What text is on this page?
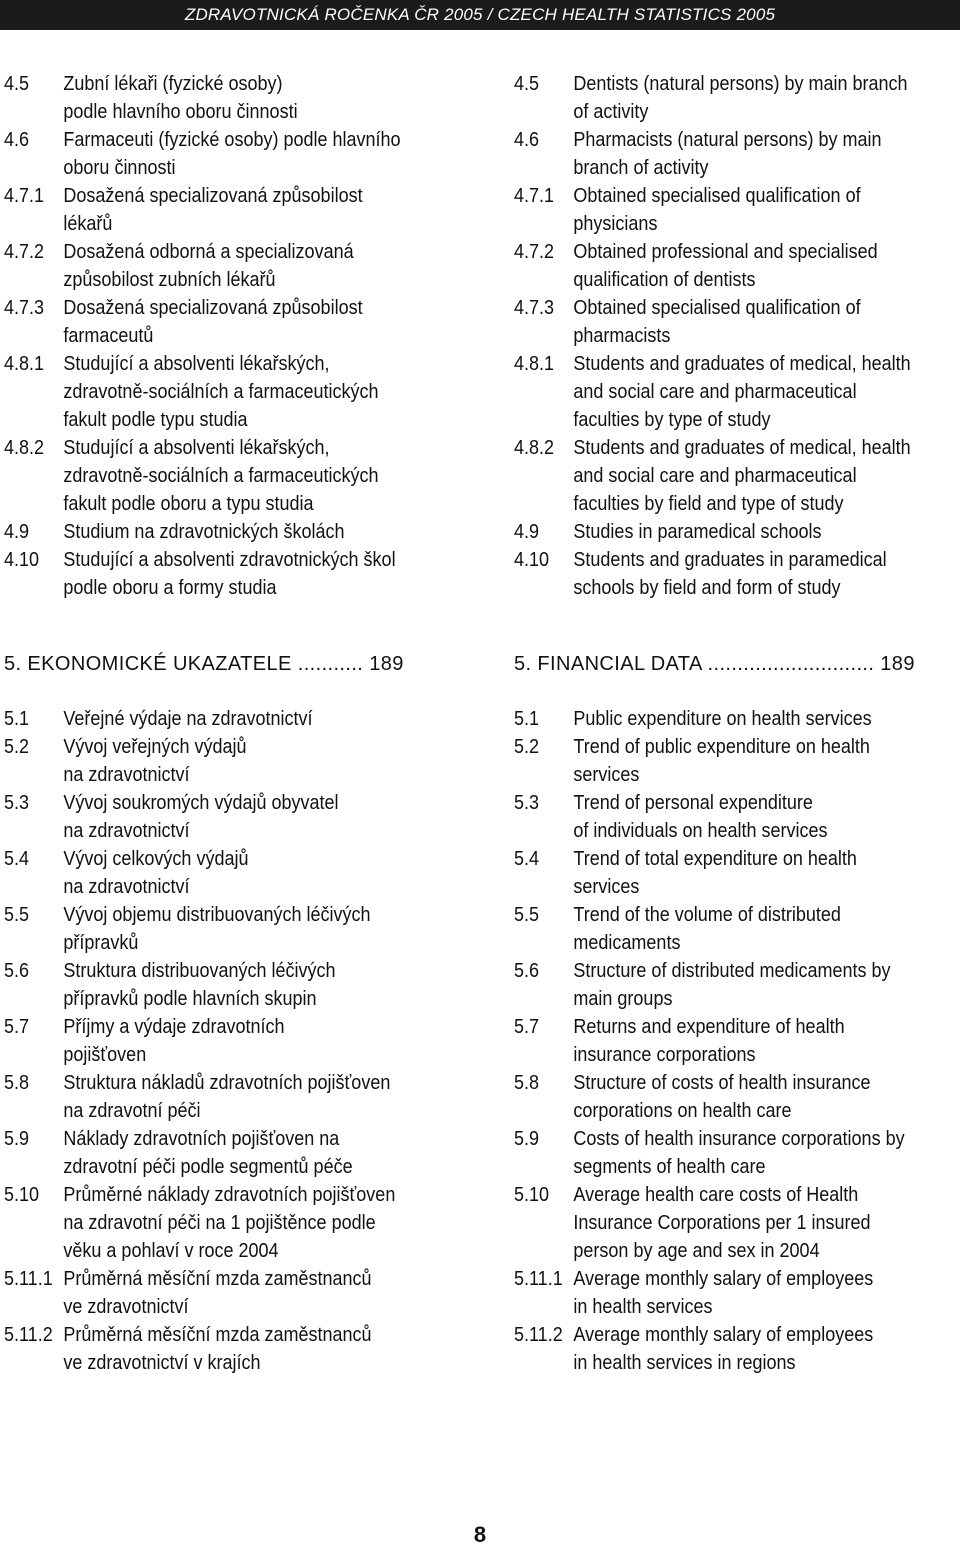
ZDRAVOTNICKÁ ROČENKA ČR 2005 / CZECH HEALTH STATISTICS 2005
4.5	Zubní lékaři (fyzické osoby)
podle hlavního oboru činnosti
4.6	Farmaceuti (fyzické osoby) podle hlavního
oboru činnosti
4.7.1 Dosažená specializovaná způsobilost
lékařů
4.7.2 Dosažená odborná a specializovaná
způsobilost zubních lékařů
4.7.3 Dosažená specializovaná způsobilost
farmaceutů
4.8.1 Studující a absolventi lékařských,
zdravotně-sociálních a farmaceutických
fakult podle typu studia
4.8.2 Studující a absolventi lékařských,
zdravotně-sociálních a farmaceutických
fakult podle oboru a typu studia
4.9	Studium na zdravotnických školách
4.10	Studující a absolventi zdravotnických škol
podle oboru a formy studia
4.5	Dentists (natural persons) by main branch
of activity
4.6	Pharmacists (natural persons) by main
branch of activity
4.7.1 Obtained specialised qualification of
physicians
4.7.2 Obtained professional and specialised
qualification of dentists
4.7.3 Obtained specialised qualification of
pharmacists
4.8.1 Students and graduates of medical, health
and social care and pharmaceutical
faculties by type of study
4.8.2 Students and graduates of medical, health
and social care and pharmaceutical
faculties by field and type of study
4.9	Studies in paramedical schools
4.10	Students and graduates in paramedical
schools by field and form of study
5. EKONOMICKÉ UKAZATELE ........... 189
5.1	Veřejné výdaje na zdravotnictví
5.2	Vývoj veřejných výdajů
na zdravotnictví
5.3	Vývoj soukromých výdajů obyvatel
na zdravotnictví
5.4	Vývoj celkových výdajů
na zdravotnictví
5.5	Vývoj objemu distribuovaných léčivých
přípravků
5.6	Struktura distribuovaných léčivých
přípravků podle hlavních skupin
5.7	Příjmy a výdaje zdravotních
pojišťoven
5.8	Struktura nákladů zdravotních pojišťoven
na zdravotní péči
5.9	Náklady zdravotních pojišťoven na
zdravotní péči podle segmentů péče
5.10	Průměrné náklady zdravotních pojišťoven
na zdravotní péči na 1 pojištěnce podle
věku a pohlaví v roce 2004
5.11.1 Průměrná měsíční mzda zaměstnanců
ve zdravotnictví
5.11.2 Průměrná měsíční mzda zaměstnanců
ve zdravotnictví v krajích
5. FINANCIAL DATA ............................ 189
5.1	Public expenditure on health services
5.2	Trend of public expenditure on health
services
5.3	Trend of personal expenditure
of individuals on health services
5.4	Trend of total expenditure on health
services
5.5	Trend of the volume of distributed
medicaments
5.6	Structure of distributed medicaments by
main groups
5.7	Returns and expenditure of health
insurance corporations
5.8	Structure of costs of health insurance
corporations on health care
5.9	Costs of health insurance corporations by
segments of health care
5.10	Average health care costs of Health
Insurance Corporations per 1 insured
person by age and sex in 2004
5.11.1 Average monthly salary of employees
in health services
5.11.2 Average monthly salary of employees
in health services in regions
8
